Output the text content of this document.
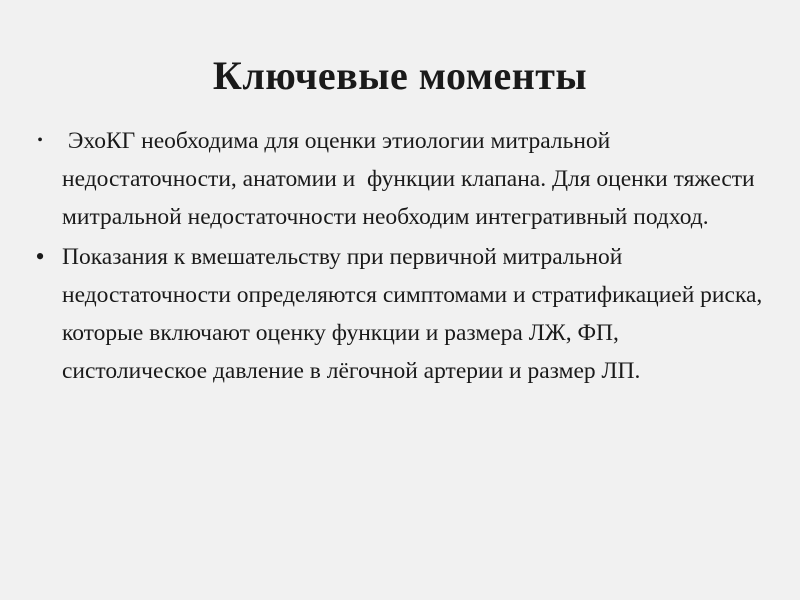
Ключевые моменты
• ЭхоКГ необходима для оценки этиологии митральной недостаточности, анатомии и  функции клапана. Для оценки тяжести митральной недостаточности необходим интегративный подход.
• Показания к вмешательству при первичной митральной недостаточности определяются симптомами и стратификацией риска, которые включают оценку функции и размера ЛЖ, ФП, систолическое давление в лёгочной артерии и размер ЛП.
